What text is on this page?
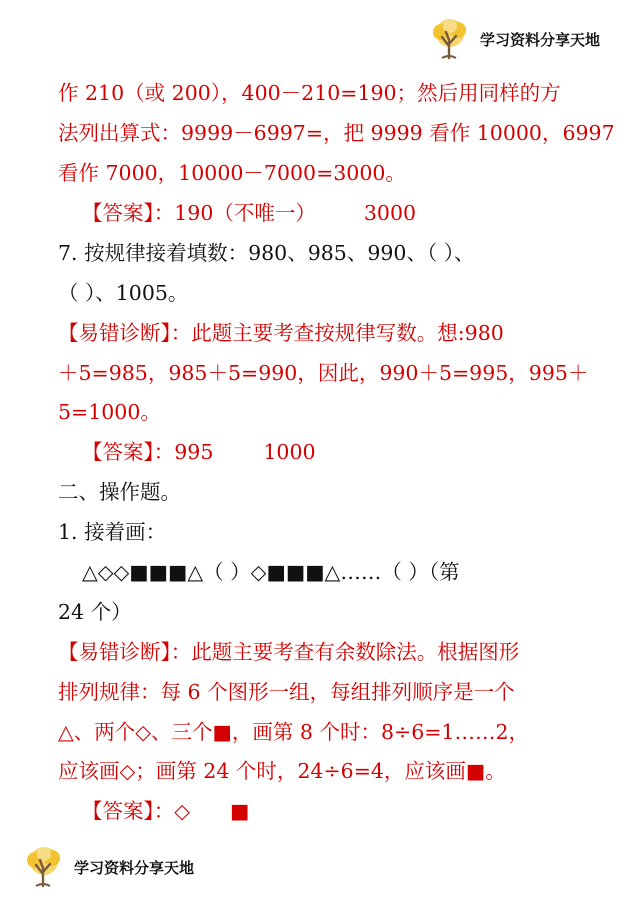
学习资料分享天地
作 210（或 200），400－210=190；然后用同样的方
法列出算式：9999－6997=，把 9999 看作 10000，6997
看作 7000，10000－7000=3000。
【答案】：190（不唯一） 3000
7. 按规律接着填数：980、985、990、（ ）、
（ ）、1005。
【易错诊断】：此题主要考查按规律写数。想:980
＋5=985，985＋5=990，因此，990＋5=995，995＋
5=1000。
【答案】：995 1000
二、操作题。
1. 接着画：
△◇◇■■■△（ ）◇■■■△……（ ）（第
24 个）
【易错诊断】：此题主要考查有余数除法。根据图形
排列规律：每 6 个图形一组，每组排列顺序是一个
△、两个◇、三个■，画第 8 个时：8÷6=1……2，
应该画◇；画第 24 个时，24÷6=4，应该画■。
【答案】：◇ ■
学习资料分享天地
